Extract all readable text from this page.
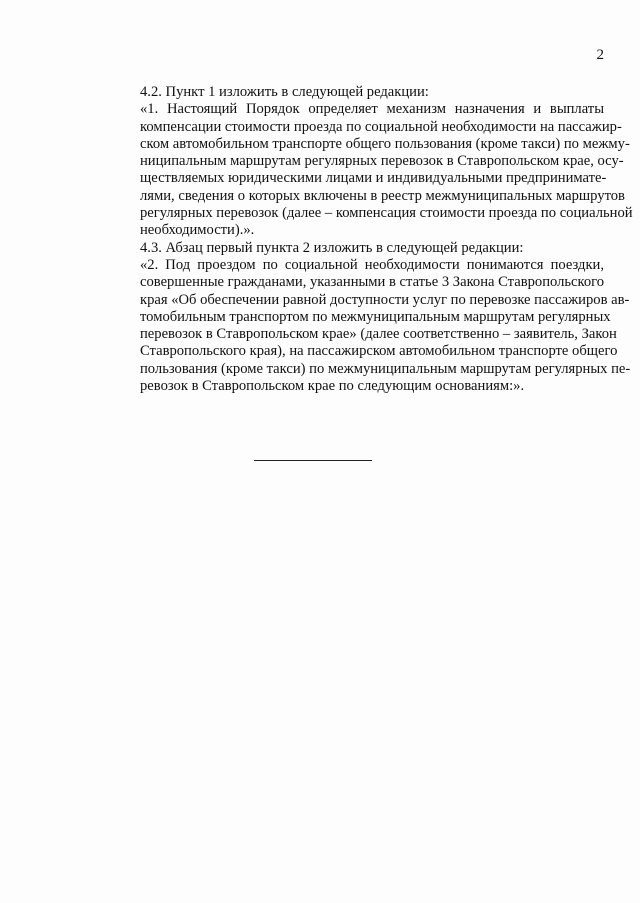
2
4.2. Пункт 1 изложить в следующей редакции:
«1. Настоящий Порядок определяет механизм назначения и выплаты
компенсации стоимости проезда по социальной необходимости на пассажир-
ском автомобильном транспорте общего пользования (кроме такси) по межму-
ниципальным маршрутам регулярных перевозок в Ставропольском крае, осу-
ществляемых юридическими лицами и индивидуальными предпринимате-
лями, сведения о которых включены в реестр межмуниципальных маршрутов
регулярных перевозок (далее – компенсация стоимости проезда по социальной
необходимости).».
4.3. Абзац первый пункта 2 изложить в следующей редакции:
«2. Под проездом по социальной необходимости понимаются поездки,
совершенные гражданами, указанными в статье 3 Закона Ставропольского
края «Об обеспечении равной доступности услуг по перевозке пассажиров ав-
томобильным транспортом по межмуниципальным маршрутам регулярных
перевозок в Ставропольском крае» (далее соответственно – заявитель, Закон
Ставропольского края), на пассажирском автомобильном транспорте общего
пользования (кроме такси) по межмуниципальным маршрутам регулярных пе-
ревозок в Ставропольском крае по следующим основаниям:».
